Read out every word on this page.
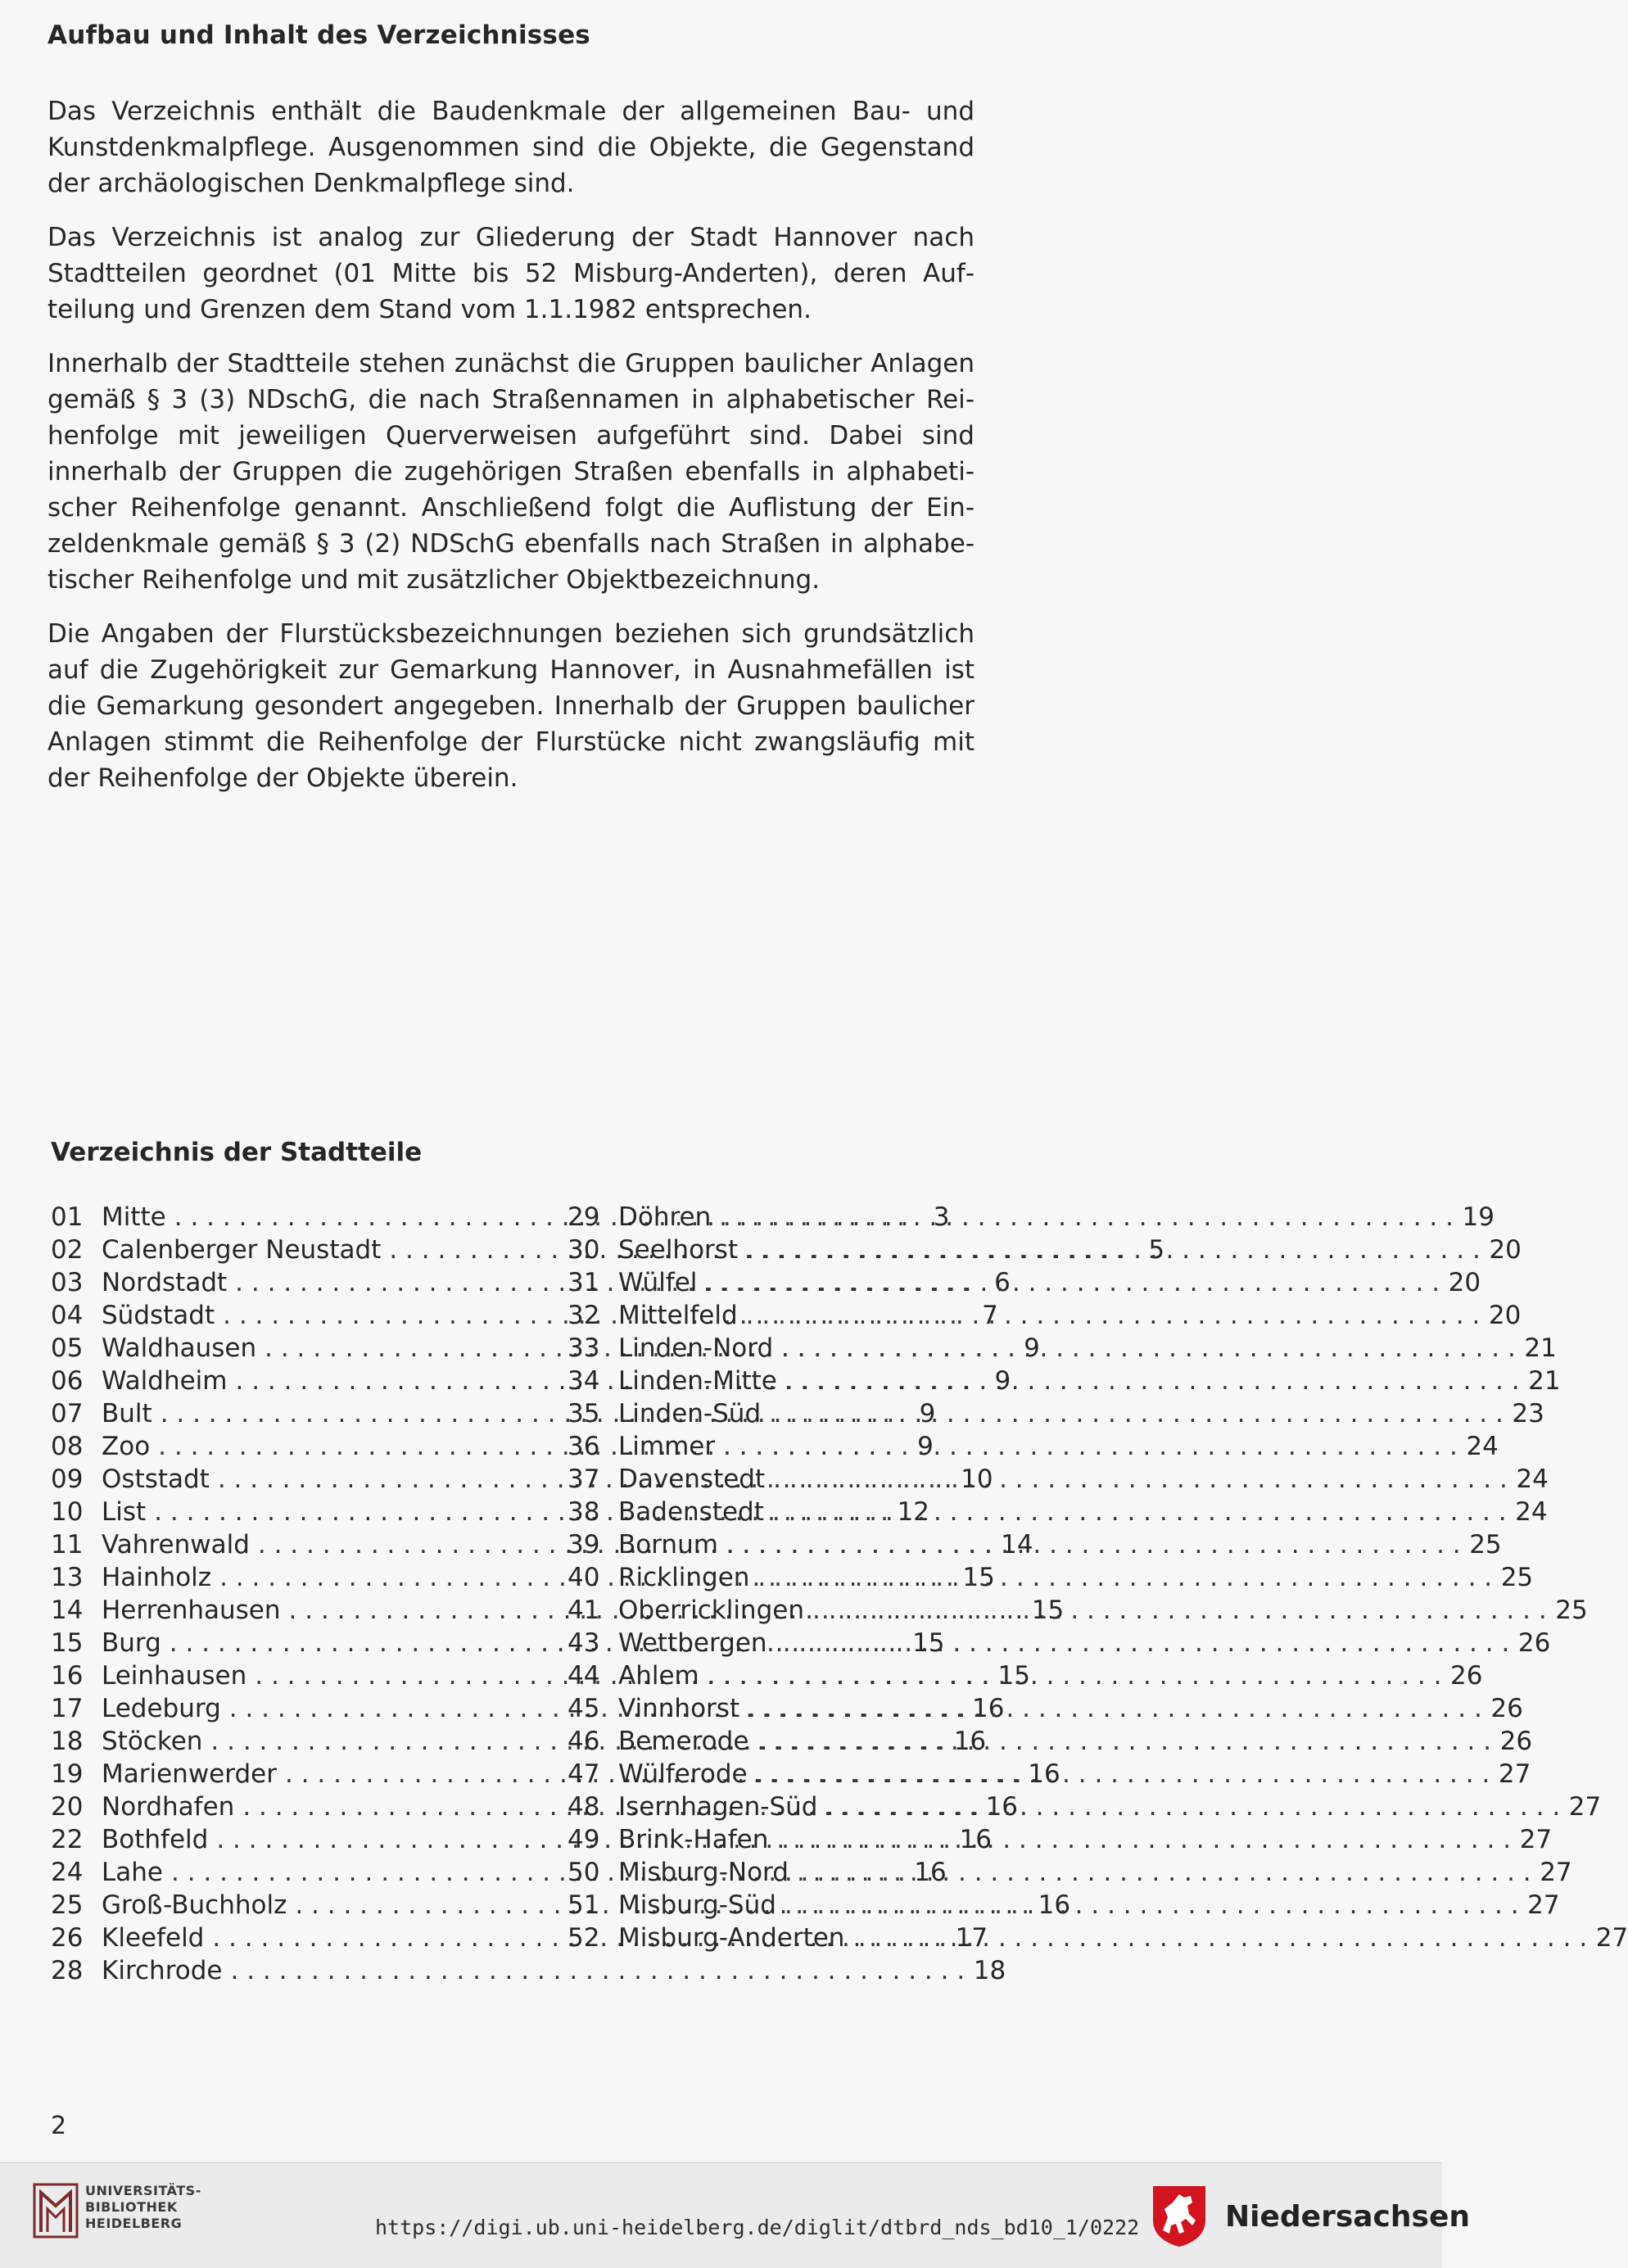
Aufbau und Inhalt des Verzeichnisses

Das Verzeichnis enthält die Baudenkmale der allgemeinen Bau- und Kunstdenkmalpflege. Ausgenommen sind die Objekte, die Gegenstand der archäologischen Denkmalpflege sind.

Das Verzeichnis ist analog zur Gliederung der Stadt Hannover nach Stadtteilen geordnet (01 Mitte bis 52 Misburg-Anderten), deren Aufteilung und Grenzen dem Stand vom 1.1.1982 entsprechen.

Innerhalb der Stadtteile stehen zunächst die Gruppen baulicher Anlagen gemäß § 3 (3) NDschG, die nach Straßennamen in alphabetischer Reihenfolge mit jeweiligen Querverweisen aufgeführt sind. Dabei sind innerhalb der Gruppen die zugehörigen Straßen ebenfalls in alphabetischer Reihenfolge genannt. Anschließend folgt die Auflistung der Einzeldenkmale gemäß § 3 (2) NDSchG ebenfalls nach Straßen in alphabetischer Reihenfolge und mit zusätzlicher Objektbezeichnung.

Die Angaben der Flurstücksbezeichnungen beziehen sich grundsätzlich auf die Zugehörigkeit zur Gemarkung Hannover, in Ausnahmefällen ist die Gemarkung gesondert angegeben. Innerhalb der Gruppen baulicher Anlagen stimmt die Reihenfolge der Flurstücke nicht zwangsläufig mit der Reihenfolge der Objekte überein.

Verzeichnis der Stadtteile
01 Mitte . . .	3
02 Calenberger Neustadt . . .	5
03 Nordstadt . . .	6
04 Südstadt . . .	7
05 Waldhausen . . .	9
06 Waldheim . . .	9
07 Bult . . .	9
08 Zoo . . .	9
09 Oststadt . . .	10
10 List . . .	12
11 Vahrenwald . . .	14
13 Hainholz . . .	15
14 Herrenhausen . . .	15
15 Burg . . .	15
16 Leinhausen . . .	15
17 Ledeburg . . .	16
18 Stöcken . . .	16
19 Marienwerder . . .	16
20 Nordhafen . . .	16
22 Bothfeld . . .	16
24 Lahe . . .	16
25 Groß-Buchholz . . .	16
26 Kleefeld . . .	17
28 Kirchrode . . .	18
29 Döhren . . .	19
30 Seelhorst . . .	20
31 Wülfel . . .	20
32 Mittelfeld . . .	20
33 Linden-Nord . . .	21
34 Linden-Mitte . . .	21
35 Linden-Süd . . .	23
36 Limmer . . .	24
37 Davenstedt . . .	24
38 Badenstedt . . .	24
39 Bornum . . .	25
40 Ricklingen . . .	25
41 Oberricklingen . . .	25
43 Wettbergen . . .	26
44 Ahlem . . .	26
45 Vinnhorst . . .	26
46 Bemerode . . .	26
47 Wülferode . . .	27
48 Isernhagen-Süd . . .	27
49 Brink-Hafen . . .	27
50 Misburg-Nord . . .	27
51 Misburg-Süd . . .	27
52 Misburg-Anderten . . .	27
2
UNIVERSITÄTS-
BIBLIOTHEK
HEIDELBERG	https://digi.ub.uni-heidelberg.de/diglit/dtbrd_nds_bd10_1/0222	Niedersachsen
